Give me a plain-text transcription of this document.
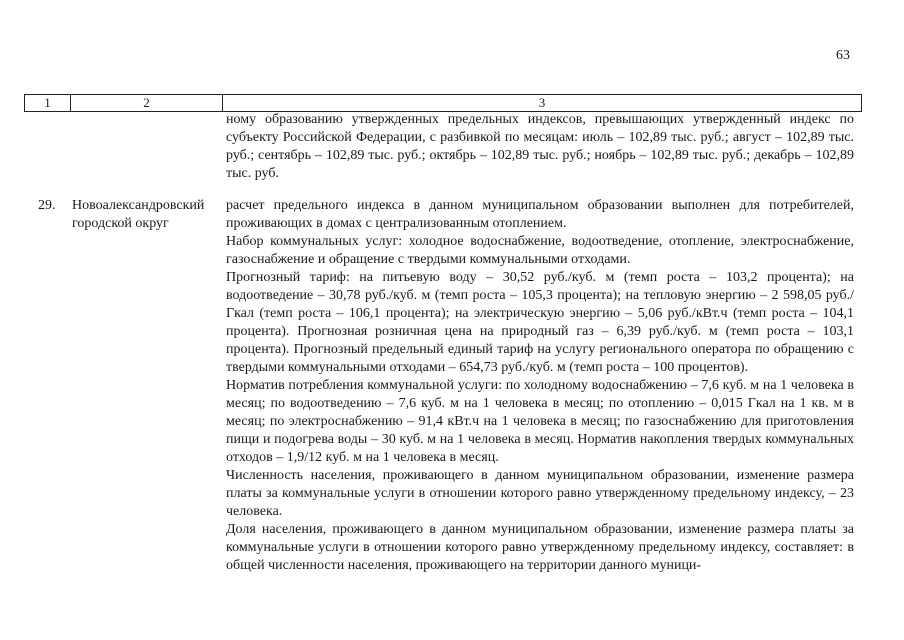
63
1	2	3

ному образованию утвержденных предельных индексов, превышающих утвержденный индекс по субъекту Российской Федерации, с разбивкой по месяцам: июль – 102,89 тыс. руб.; август – 102,89 тыс. руб.; сентябрь – 102,89 тыс. руб.; октябрь – 102,89 тыс. руб.; ноябрь – 102,89 тыс. руб.; декабрь – 102,89 тыс. руб.

29. Новоалександровский городской округ

расчет предельного индекса в данном муниципальном образовании выполнен для потребителей, проживающих в домах с централизованным отоплением.

Набор коммунальных услуг: холодное водоснабжение, водоотведение, отопление, электроснабжение, газоснабжение и обращение с твердыми коммунальными отходами.

Прогнозный тариф: на питьевую воду – 30,52 руб./куб. м (темп роста – 103,2 процента); на водоотведение – 30,78 руб./куб. м (темп роста – 105,3 процента); на тепловую энергию – 2 598,05 руб./Гкал (темп роста – 106,1 процента); на электрическую энергию – 5,06 руб./кВт.ч (темп роста – 104,1 процента). Прогнозная розничная цена на природный газ – 6,39 руб./куб. м (темп роста – 103,1 процента). Прогнозный предельный единый тариф на услугу регионального оператора по обращению с твердыми коммунальными отходами – 654,73 руб./куб. м (темп роста – 100 процентов).

Норматив потребления коммунальной услуги: по холодному водоснабжению – 7,6 куб. м на 1 человека в месяц; по водоотведению – 7,6 куб. м на 1 человека в месяц; по отоплению – 0,015 Гкал на 1 кв. м в месяц; по электроснабжению – 91,4 кВт.ч на 1 человека в месяц; по газоснабжению для приготовления пищи и подогрева воды – 30 куб. м на 1 человека в месяц. Норматив накопления твердых коммунальных отходов – 1,9/12 куб. м на 1 человека в месяц.

Численность населения, проживающего в данном муниципальном образовании, изменение размера платы за коммунальные услуги в отношении которого равно утвержденному предельному индексу, – 23 человека.

Доля населения, проживающего в данном муниципальном образовании, изменение размера платы за коммунальные услуги в отношении которого равно утвержденному предельному индексу, составляет: в общей численности населения, проживающего на территории данного муници-
